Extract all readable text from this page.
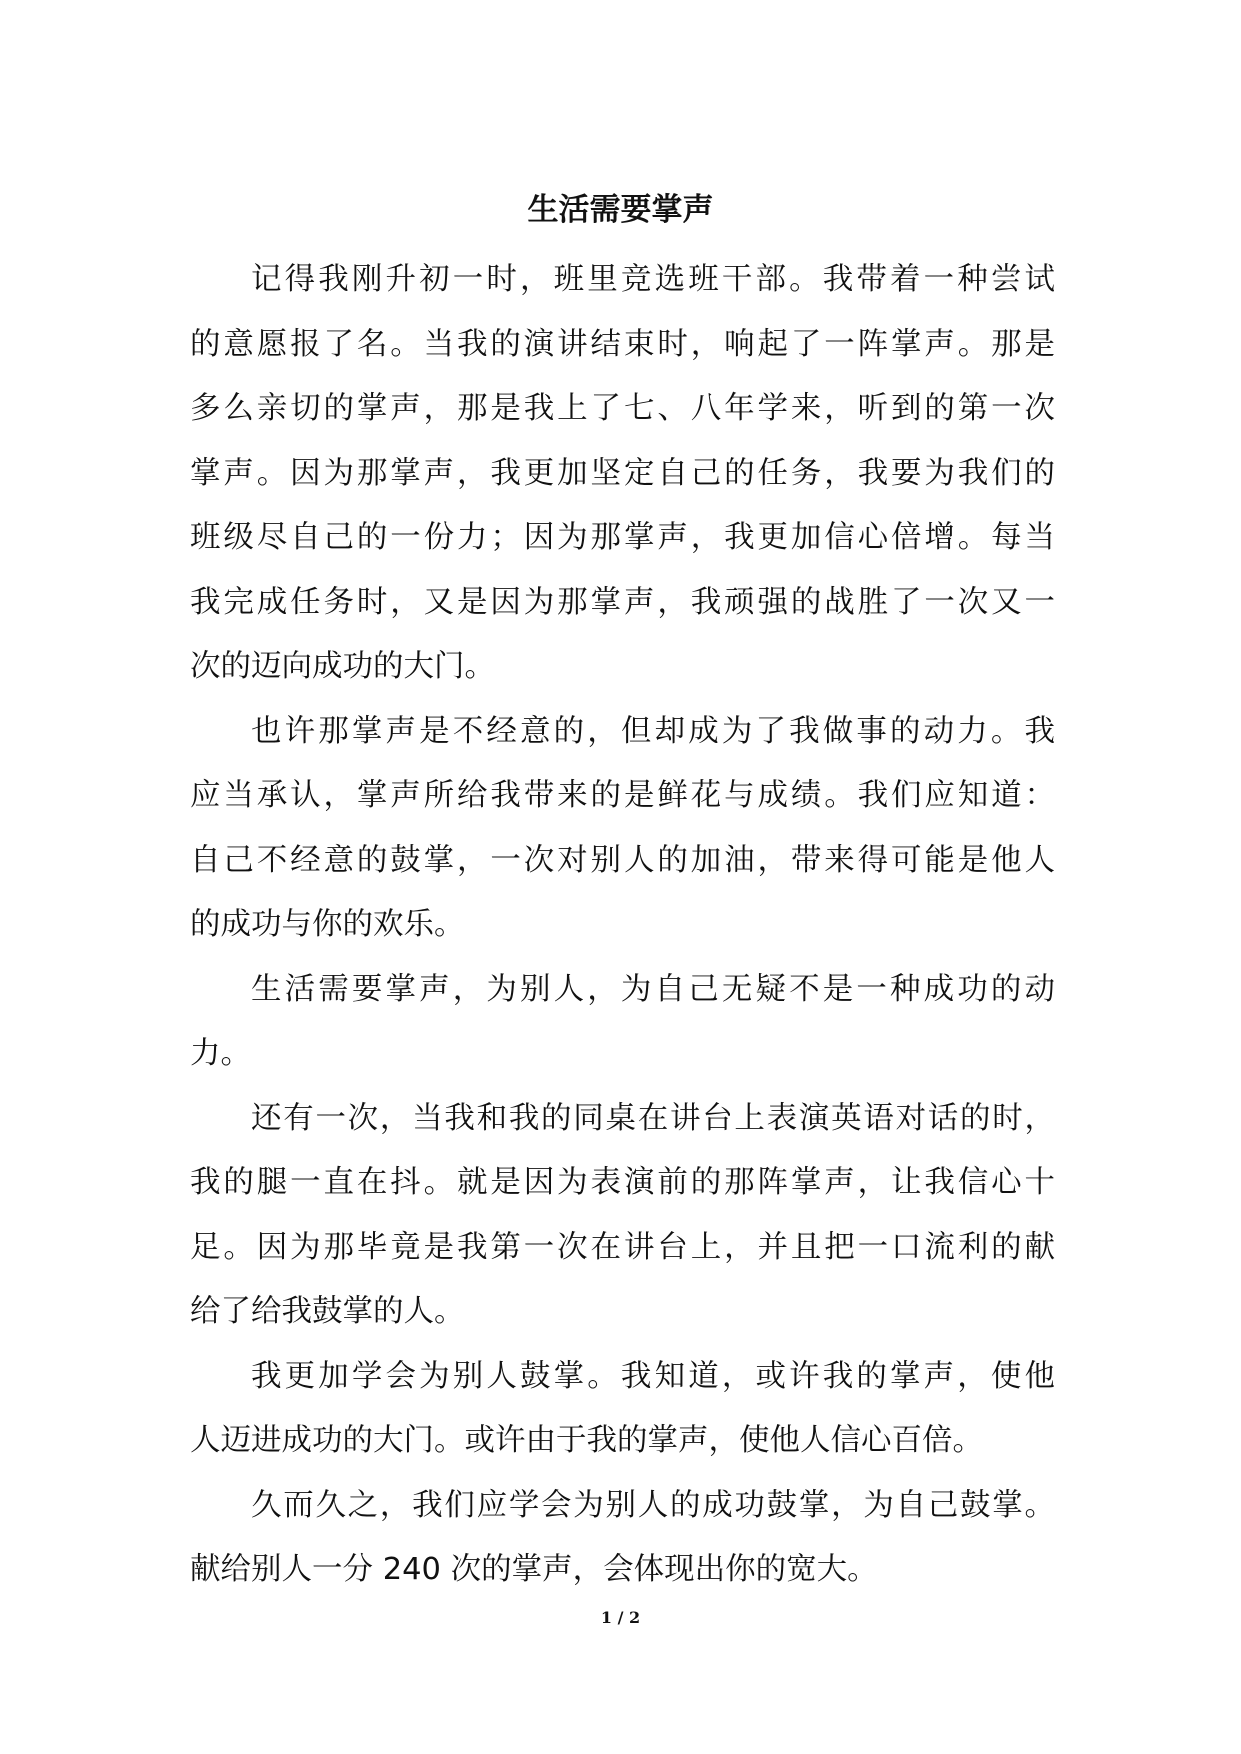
生活需要掌声
记得我刚升初一时，班里竞选班干部。我带着一种尝试
的意愿报了名。当我的演讲结束时，响起了一阵掌声。那是
多么亲切的掌声，那是我上了七、八年学来，听到的第一次
掌声。因为那掌声，我更加坚定自己的任务，我要为我们的
班级尽自己的一份力；因为那掌声，我更加信心倍增。每当
我完成任务时，又是因为那掌声，我顽强的战胜了一次又一
次的迈向成功的大门。
也许那掌声是不经意的，但却成为了我做事的动力。我
应当承认，掌声所给我带来的是鲜花与成绩。我们应知道：
自己不经意的鼓掌，一次对别人的加油，带来得可能是他人
的成功与你的欢乐。
生活需要掌声，为别人，为自己无疑不是一种成功的动
力。
还有一次，当我和我的同桌在讲台上表演英语对话的时，
我的腿一直在抖。就是因为表演前的那阵掌声，让我信心十
足。因为那毕竟是我第一次在讲台上，并且把一口流利的献
给了给我鼓掌的人。
我更加学会为别人鼓掌。我知道，或许我的掌声，使他
人迈进成功的大门。或许由于我的掌声，使他人信心百倍。
久而久之，我们应学会为别人的成功鼓掌，为自己鼓掌。
献给别人一分 240 次的掌声，会体现出你的宽大。
1 / 2
